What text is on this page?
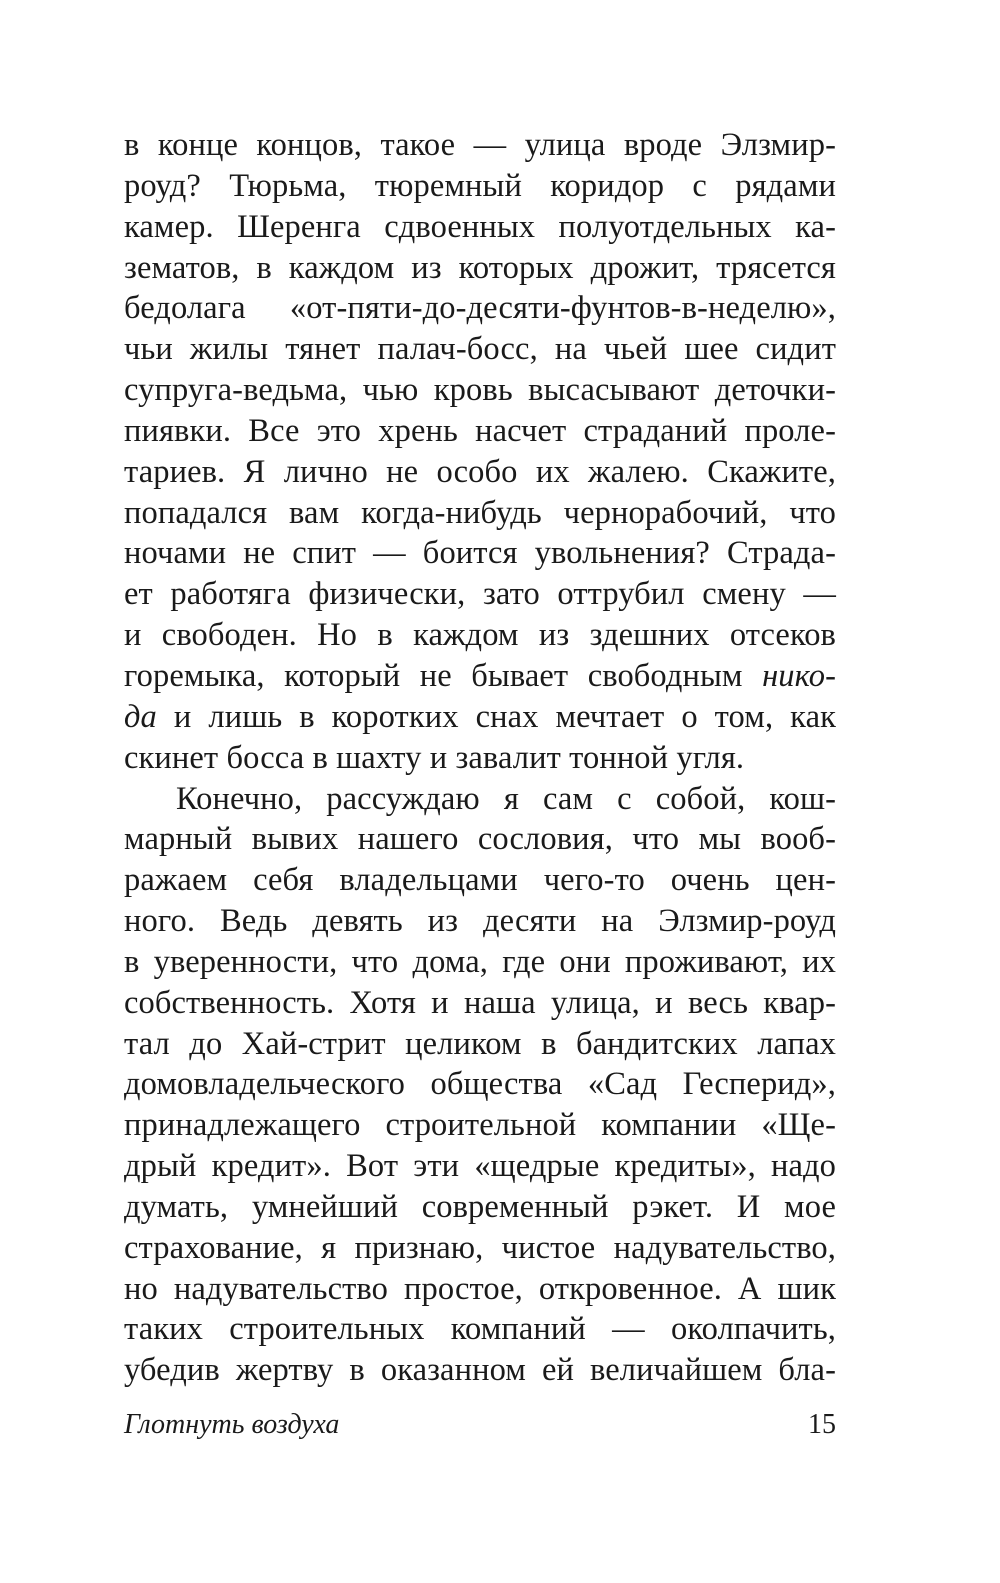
в конце концов, такое — улица вроде Элзмир-
роуд? Тюрьма, тюремный коридор с рядами
камер. Шеренга сдвоенных полуотдельных ка-
зематов, в каждом из которых дрожит, трясется
бедолага «от-пяти-до-десяти-фунтов-в-неделю»,
чьи жилы тянет палач-босс, на чьей шее сидит
супруга-ведьма, чью кровь высасывают деточки-
пиявки. Все это хрень насчет страданий проле-
тариев. Я лично не особо их жалею. Скажите,
попадался вам когда-нибудь чернорабочий, что
ночами не спит — боится увольнения? Страда-
ет работяга физически, зато оттрубил смену —
и свободен. Но в каждом из здешних отсеков
горемыка, который не бывает свободным нико-
да и лишь в коротких снах мечтает о том, как
скинет босса в шахту и завалит тонной угля.
Конечно, рассуждаю я сам с собой, кош-
марный вывих нашего сословия, что мы вооб-
ражаем себя владельцами чего-то очень цен-
ного. Ведь девять из десяти на Элзмир-роуд
в уверенности, что дома, где они проживают, их
собственность. Хотя и наша улица, и весь квар-
тал до Хай-стрит целиком в бандитских лапах
домовладельческого общества «Сад Гесперид»,
принадлежащего строительной компании «Ще-
дрый кредит». Вот эти «щедрые кредиты», надо
думать, умнейший современный рэкет. И мое
страхование, я признаю, чистое надувательство,
но надувательство простое, откровенное. А шик
таких строительных компаний — околпачить,
убедив жертву в оказанном ей величайшем бла-
Глотнуть воздуха	15
